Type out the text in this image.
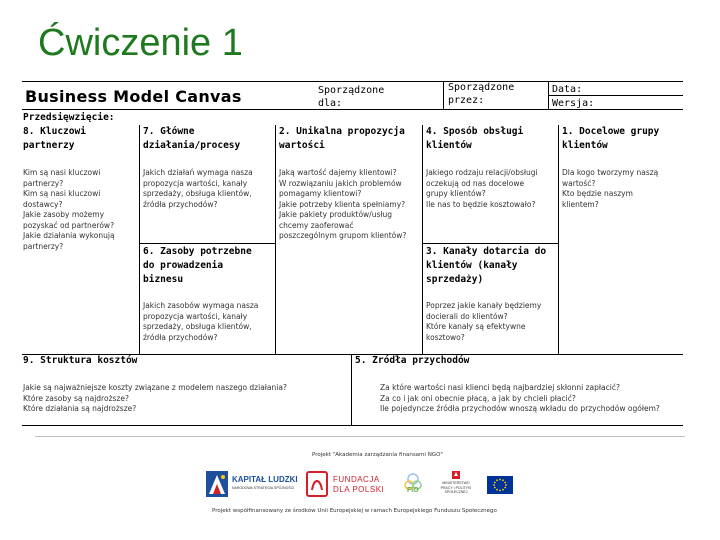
Ćwiczenie 1
Business Model Canvas	Sporządzone
dla:
Sporządzone
przez:
Data:
Wersja:
Przedsięwzięcie:
8. Kluczowi
partnerzy
Kim są nasi kluczowi
partnerzy?
Kim są nasi kluczowi
dostawcy?
Jakie zasoby możemy
pozyskać od partnerów?
Jakie działania wykonują
partnerzy?
7. Główne
działania/procesy
Jakich działań wymaga nasza
propozycja wartości, kanały
sprzedaży, obsługa klientów,
źródła przychodów?
6. Zasoby potrzebne
do prowadzenia
biznesu
Jakich zasobów wymaga nasza
propozycja wartości, kanały
sprzedaży, obsługa klientów,
źródła przychodów?
2. Unikalna propozycja
wartości
Jaką wartość dajemy klientowi?
W rozwiązaniu jakich problemów
pomagamy klientowi?
Jakie potrzeby klienta spełniamy?
Jakie pakiety produktów/usług
chcemy zaoferować
poszczególnym grupom klientów?
4. Sposób obsługi
klientów
Jakiego rodzaju relacji/obsługi
oczekują od nas docelowe
grupy klientów?
Ile nas to będzie kosztowało?
3. Kanały dotarcia do
klientów (kanały
sprzedaży)
Poprzez jakie kanały będziemy
docierali do klientów?
Które kanały są efektywne
kosztowo?
1. Docelowe grupy
klientów
Dla kogo tworzymy naszą
wartość?
Kto będzie naszym
klientem?
9. Struktura kosztów
Jakie są najważniejsze koszty związane z modelem naszego działania?
Które zasoby są najdroższe?
Które działania są najdroższe?
5. Źródła przychodów
Za które wartości nasi klienci będą najbardziej skłonni zapłacić?
Za co i jak oni obecnie płacą, a jak by chcieli płacić?
Ile pojedyncze źródła przychodów wnoszą wkładu do przychodów ogółem?
Projekt "Akademia zarządzania finansami NGO"
KAPITAŁ LUDZKI
NARODOWA STRATEGIA SPÓJNOŚCI
FUNDACJA
DLA POLSKI	FIO
MINISTERSTWO
PRACY I POLITYKI
SPOŁECZNEJ
Projekt współfinansowany ze środków Unii Europejskiej w ramach Europejskiego Funduszu Społecznego
